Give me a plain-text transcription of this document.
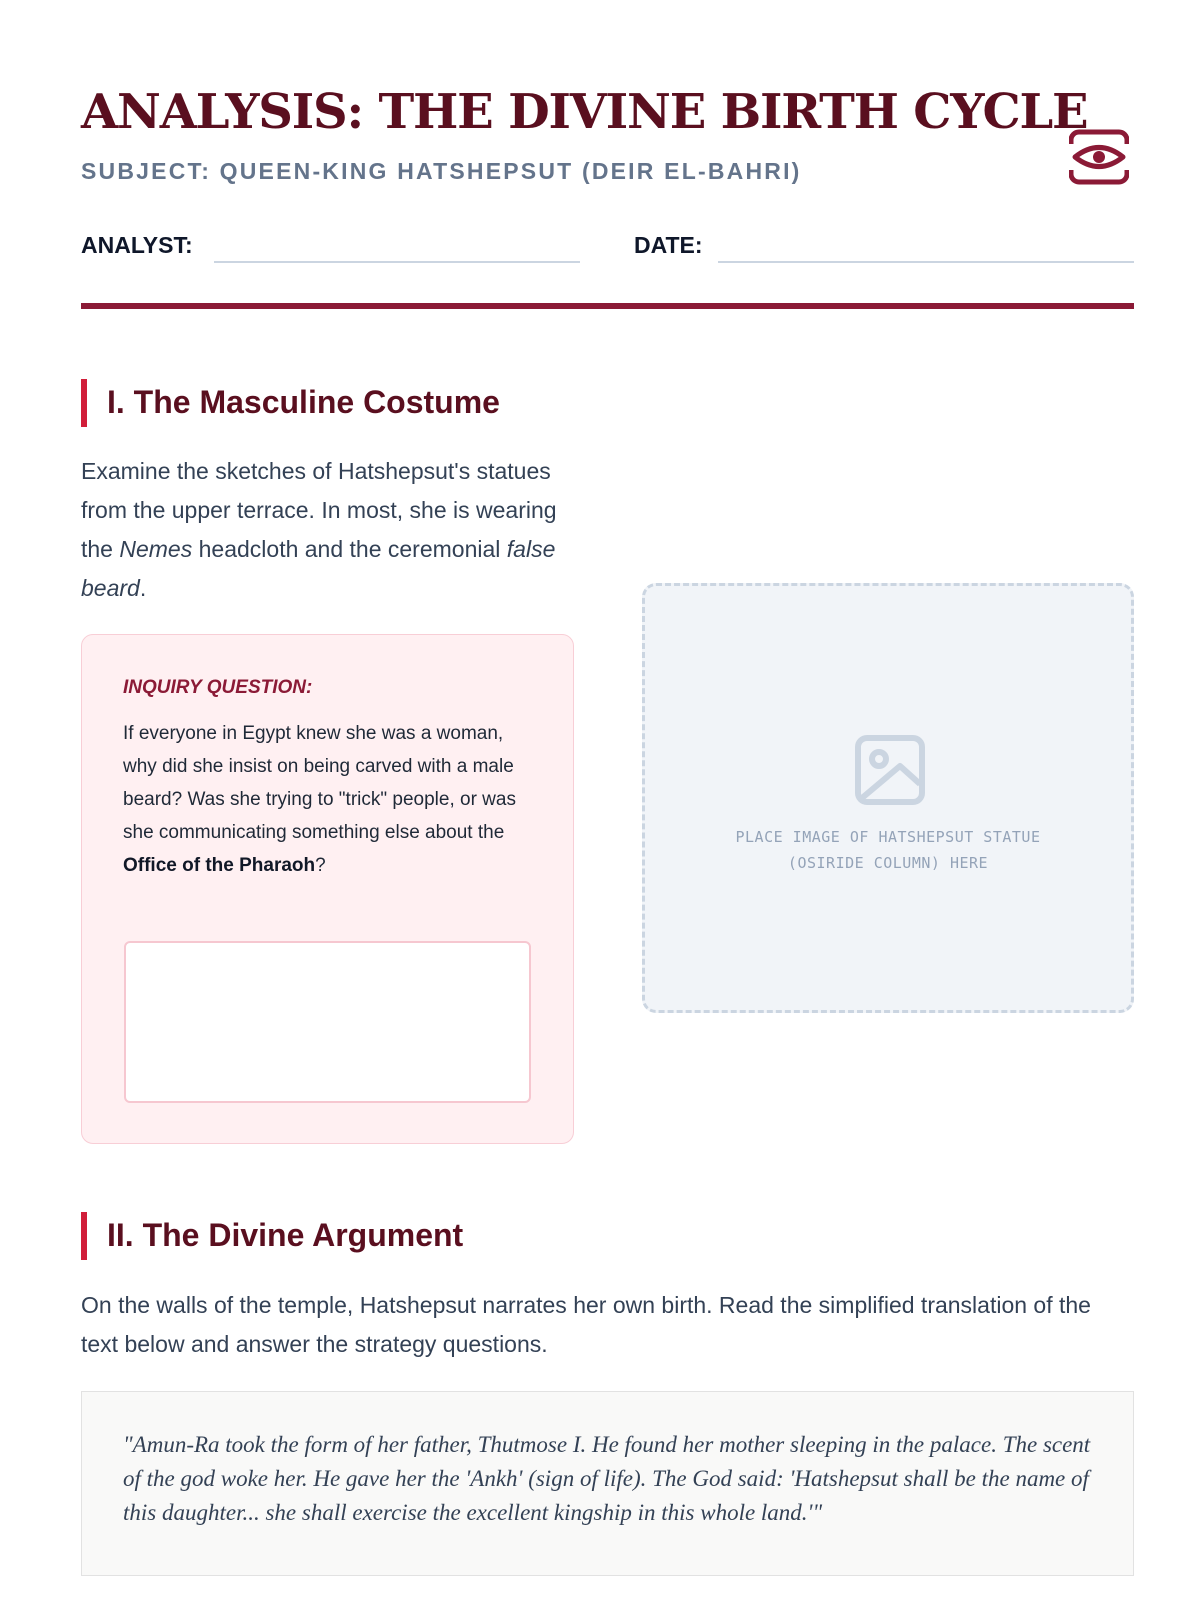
ANALYSIS: THE DIVINE BIRTH CYCLE
SUBJECT: QUEEN-KING HATSHEPSUT (DEIR EL-BAHRI)
ANALYST:	DATE:
I. The Masculine Costume

Examine the sketches of Hatshepsut's statues from the upper terrace. In most, she is wearing the Nemes headcloth and the ceremonial false beard.

INQUIRY QUESTION:

If everyone in Egypt knew she was a woman, why did she insist on being carved with a male beard? Was she trying to "trick" people, or was she communicating something else about the Office of the Pharaoh?

PLACE IMAGE OF HATSHEPSUT STATUE
(OSIRIDE COLUMN) HERE
II. The Divine Argument

On the walls of the temple, Hatshepsut narrates her own birth. Read the simplified translation of the text below and answer the strategy questions.

"Amun-Ra took the form of her father, Thutmose I. He found her mother sleeping in the palace. The scent of the god woke her. He gave her the 'Ankh' (sign of life). The God said: 'Hatshepsut shall be the name of this daughter... she shall exercise the excellent kingship in this whole land.'"
